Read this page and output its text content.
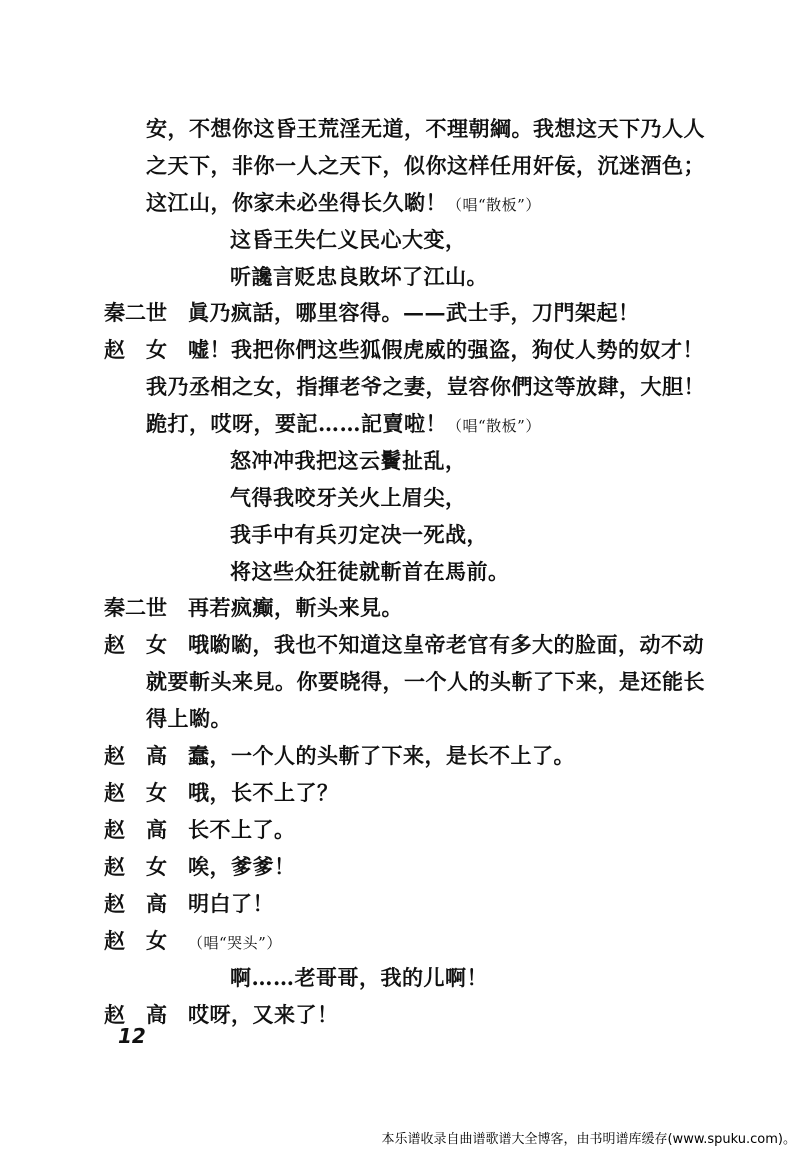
安，不想你这昏王荒淫无道，不理朝綱。我想这天下乃人人
之天下，非你一人之天下，似你这样任用奸佞，沉迷酒色；
这江山，你家未必坐得长久喲！（唱“散板”）
这昏王失仁义民心大变，
听讒言贬忠良敗坏了江山。
秦二世 眞乃疯話，哪里容得。——武士手，刀門架起！
赵　女 嘘！我把你們这些狐假虎威的强盗，狗仗人势的奴才！
我乃丞相之女，指揮老爷之妻，豈容你們这等放肆，大胆！
跪打，哎呀，要記……記賣啦！（唱“散板”）
怒冲冲我把这云鬢扯乱，
气得我咬牙关火上眉尖，
我手中有兵刃定决一死战，
将这些众狂徒就斬首在馬前。
秦二世 再若疯癫，斬头来見。
赵　女 哦喲喲，我也不知道这皇帝老官有多大的脸面，动不动
就要斬头来見。你要晓得，一个人的头斬了下来，是还能长
得上喲。
赵　高 蠢，一个人的头斬了下来，是长不上了。
赵　女 哦，长不上了？
赵　高 长不上了。
赵　女 唉，爹爹！
赵　高 明白了！
赵　女 （唱“哭头”）
啊……老哥哥，我的儿啊！
赵　高 哎呀，又来了！
12
本乐谱收录自曲谱歌谱大全博客，由书明谱库缓存(www.spuku.com)。
